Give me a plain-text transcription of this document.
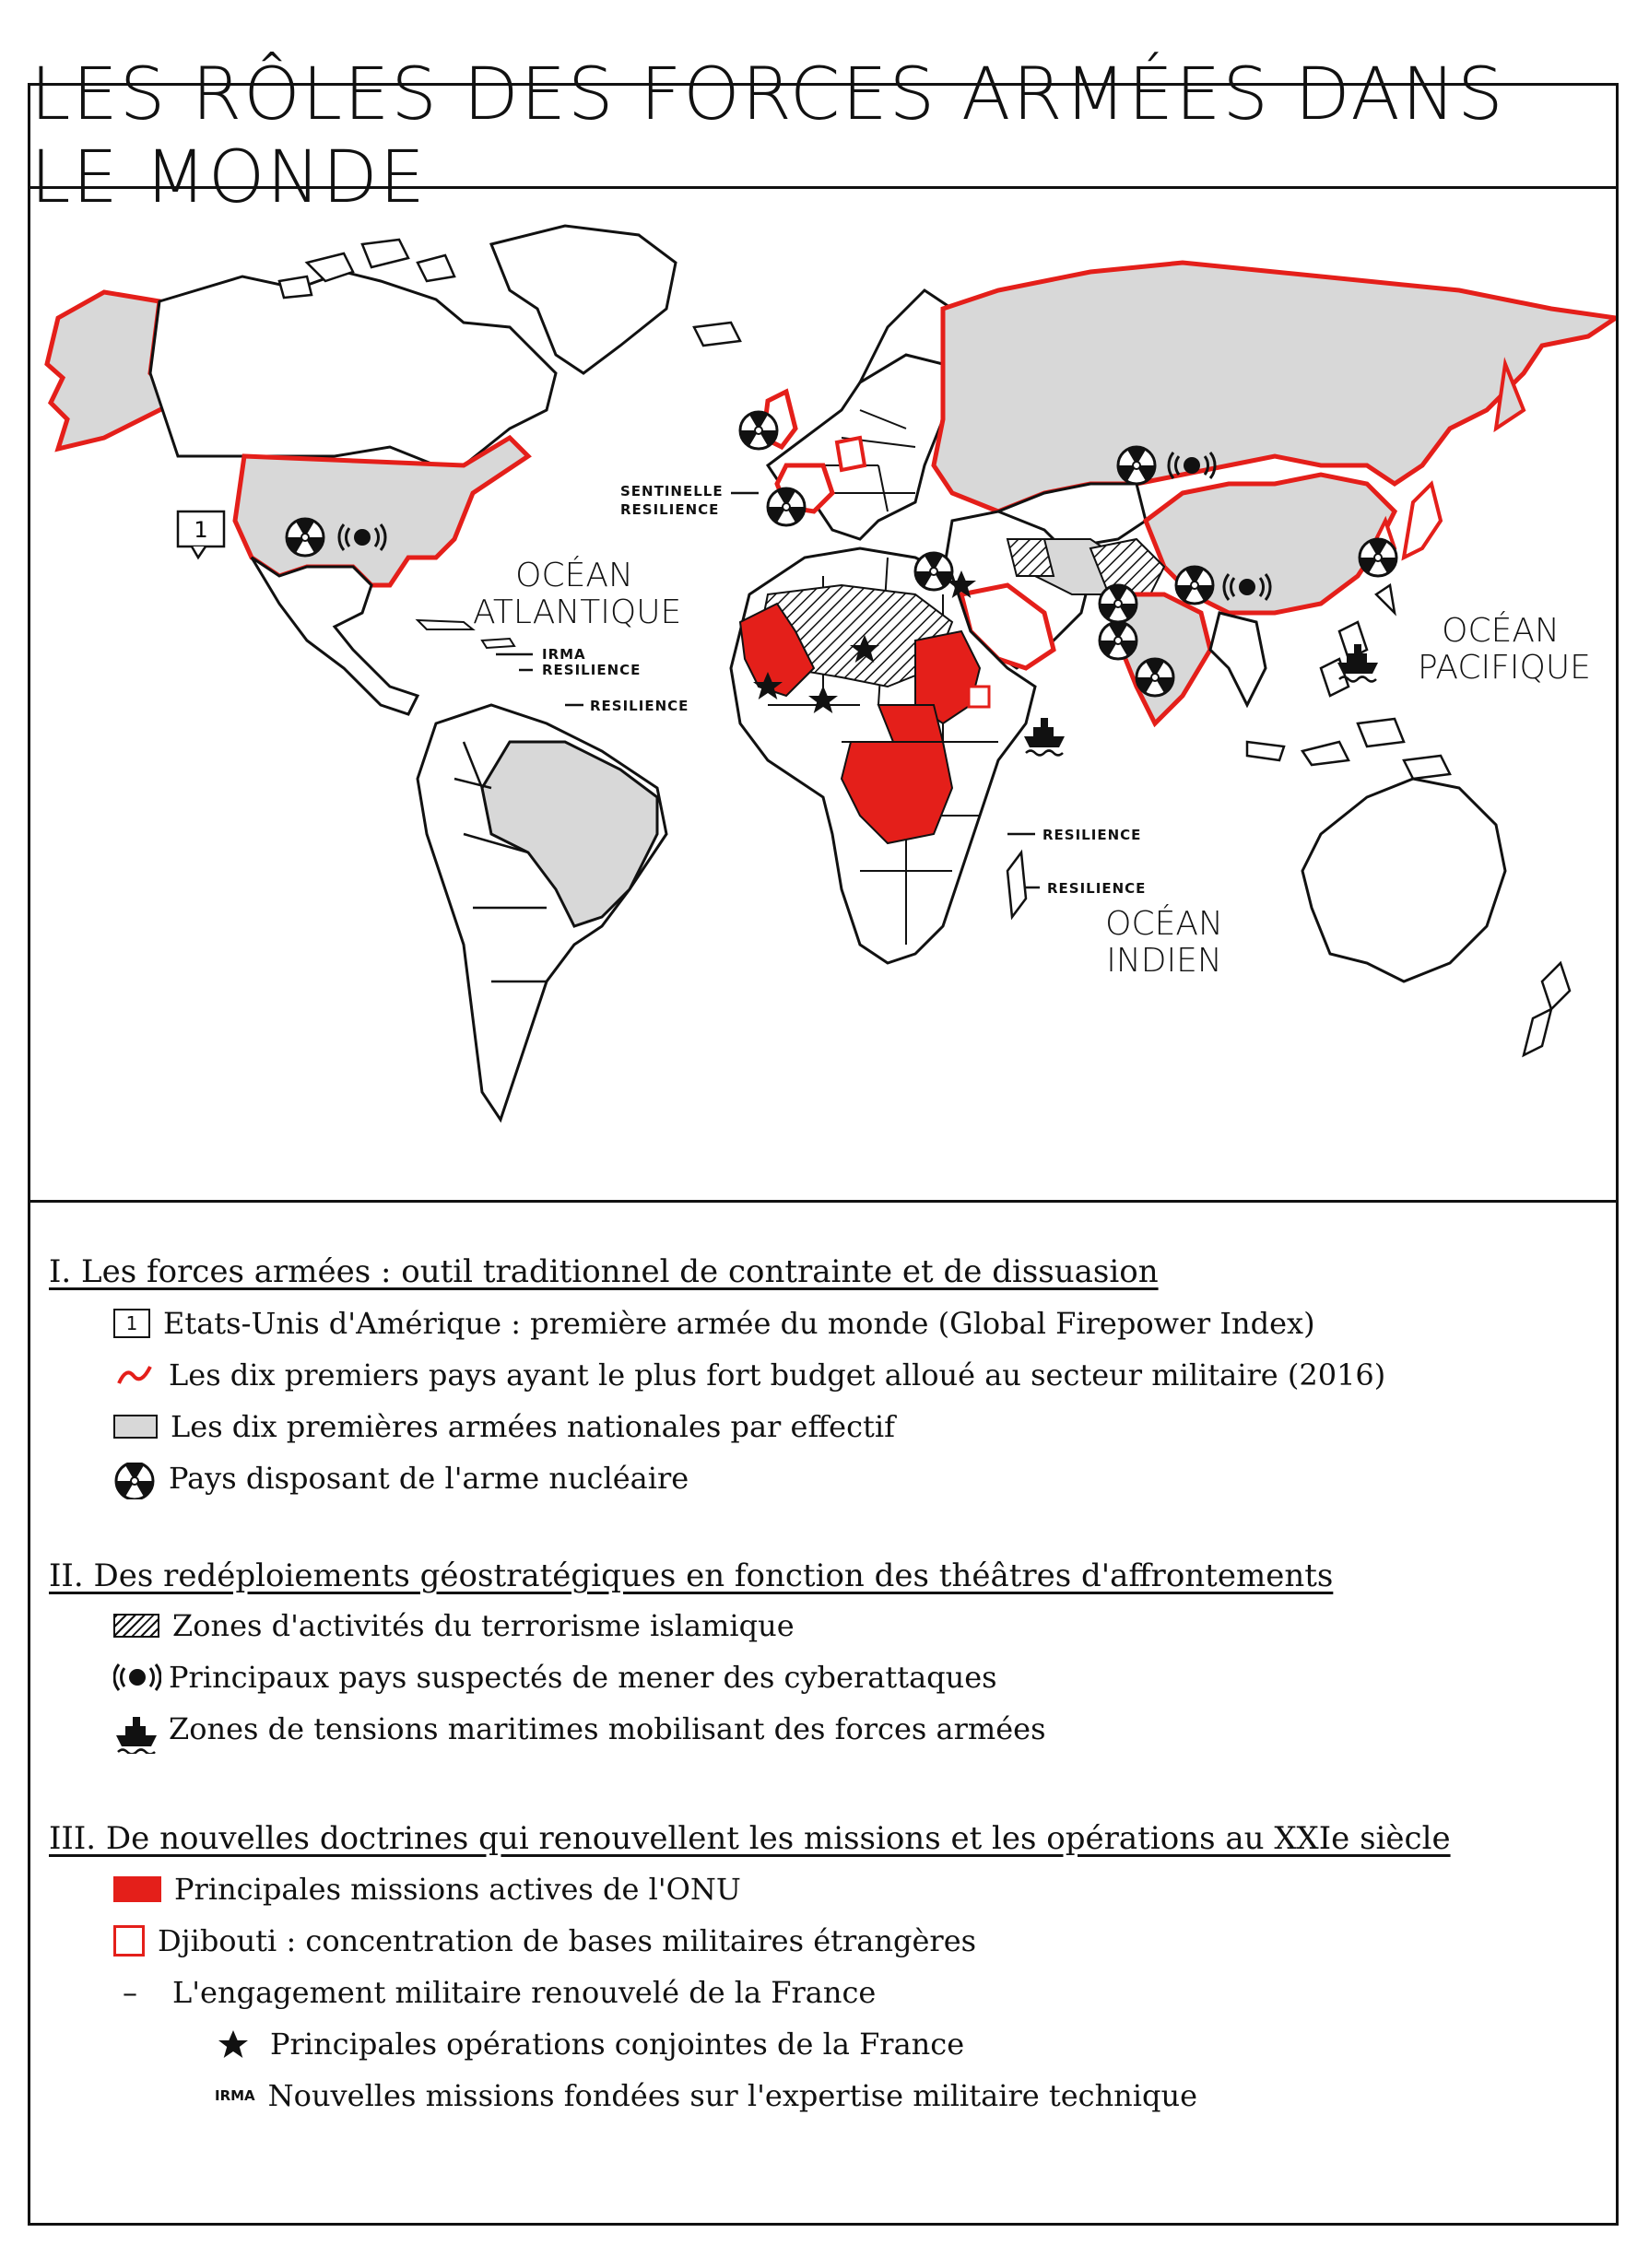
LES RÔLES DES FORCES ARMÉES DANS LE MONDE
1
SENTINELLE
RESILIENCE
IRMA
RESILIENCE
RESILIENCE
RESILIENCE
RESILIENCE
OCÉAN ATLANTIQUE	OCÉAN PACIFIQUE
OCÉAN INDIEN
I. Les forces armées : outil traditionnel de contrainte et de dissuasion
1 Etats-Unis d'Amérique : première armée du monde (Global Firepower Index)
Les dix premiers pays ayant le plus fort budget alloué au secteur militaire (2016)
Les dix premières armées nationales par effectif
Pays disposant de l'arme nucléaire
II. Des redéploiements géostratégiques en fonction des théâtres d'affrontements
Zones d'activités du terrorisme islamique
Principaux pays suspectés de mener des cyberattaques
Zones de tensions maritimes mobilisant des forces armées
III. De nouvelles doctrines qui renouvellent les missions et les opérations au XXIe siècle
Principales missions actives de l'ONU
Djibouti : concentration de bases militaires étrangères
–	L'engagement militaire renouvelé de la France
Principales opérations conjointes de la France
IRMA Nouvelles missions fondées sur l'expertise militaire technique
